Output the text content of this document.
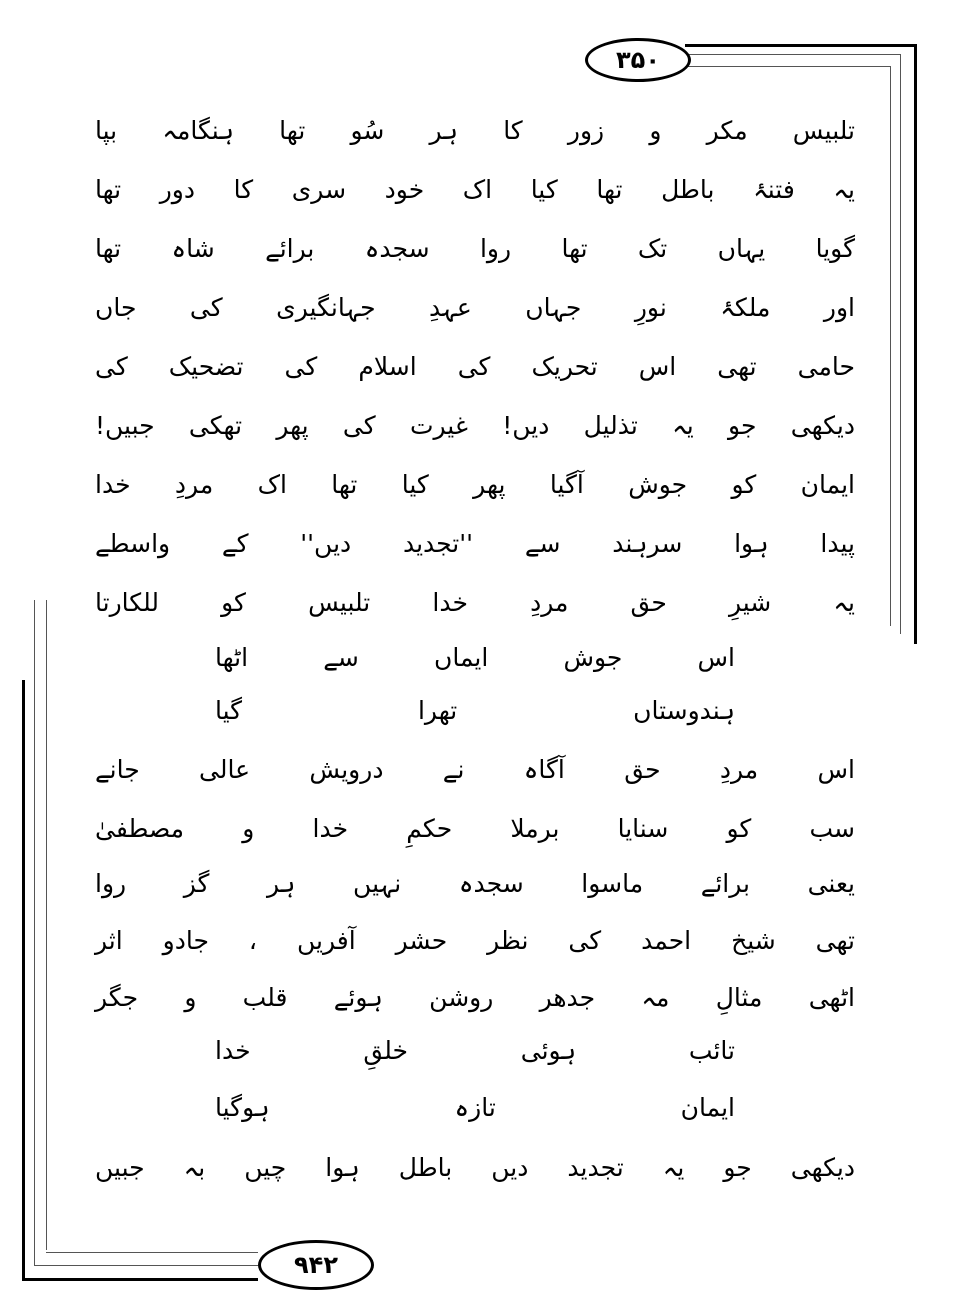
۳۵۰
۹۴۲
تلبیس مکر و زور کا ہر سُو تھا ہنگامہ بپا
یہ فتنۂ باطل تھا کیا اک خود سری کا دور تھا
گویا یہاں تک تھا روا سجدہ برائے شاہ تھا
اور ملکۂ نورِ جہاں عہدِ جہانگیری کی جاں
حامی تھی اس تحریک کی اسلام کی تضحیک کی
دیکھی جو یہ تذلیل دیں! غیرت کی پھر تھکی جبیں!
ایمان کو جوش آگیا پھر کیا تھا اک مردِ خدا
پیدا ہوا سرہند سے ''تجدید دیں'' کے واسطے
یہ شیرِ حق مردِ خدا تلبیس کو للکارتا
اس جوش ایماں سے اٹھا
ہندوستاں تھرا گیا
اس مردِ حق آگاہ نے درویش عالی جانے
سب کو سنایا برملا حکمِ خدا و مصطفیٰ
یعنی برائے ماسوا سجدہ نہیں ہر گز روا
تھی شیخ احمد کی نظر حشر آفریں ، جادو اثر
اٹھی مثالِ مہ جدھر روشن ہوئے قلب و جگر
تائب ہوئی خلقِ خدا
ایمان تازہ ہوگیا
دیکھی جو یہ تجدید دیں باطل ہوا چیں بہ جبیں
